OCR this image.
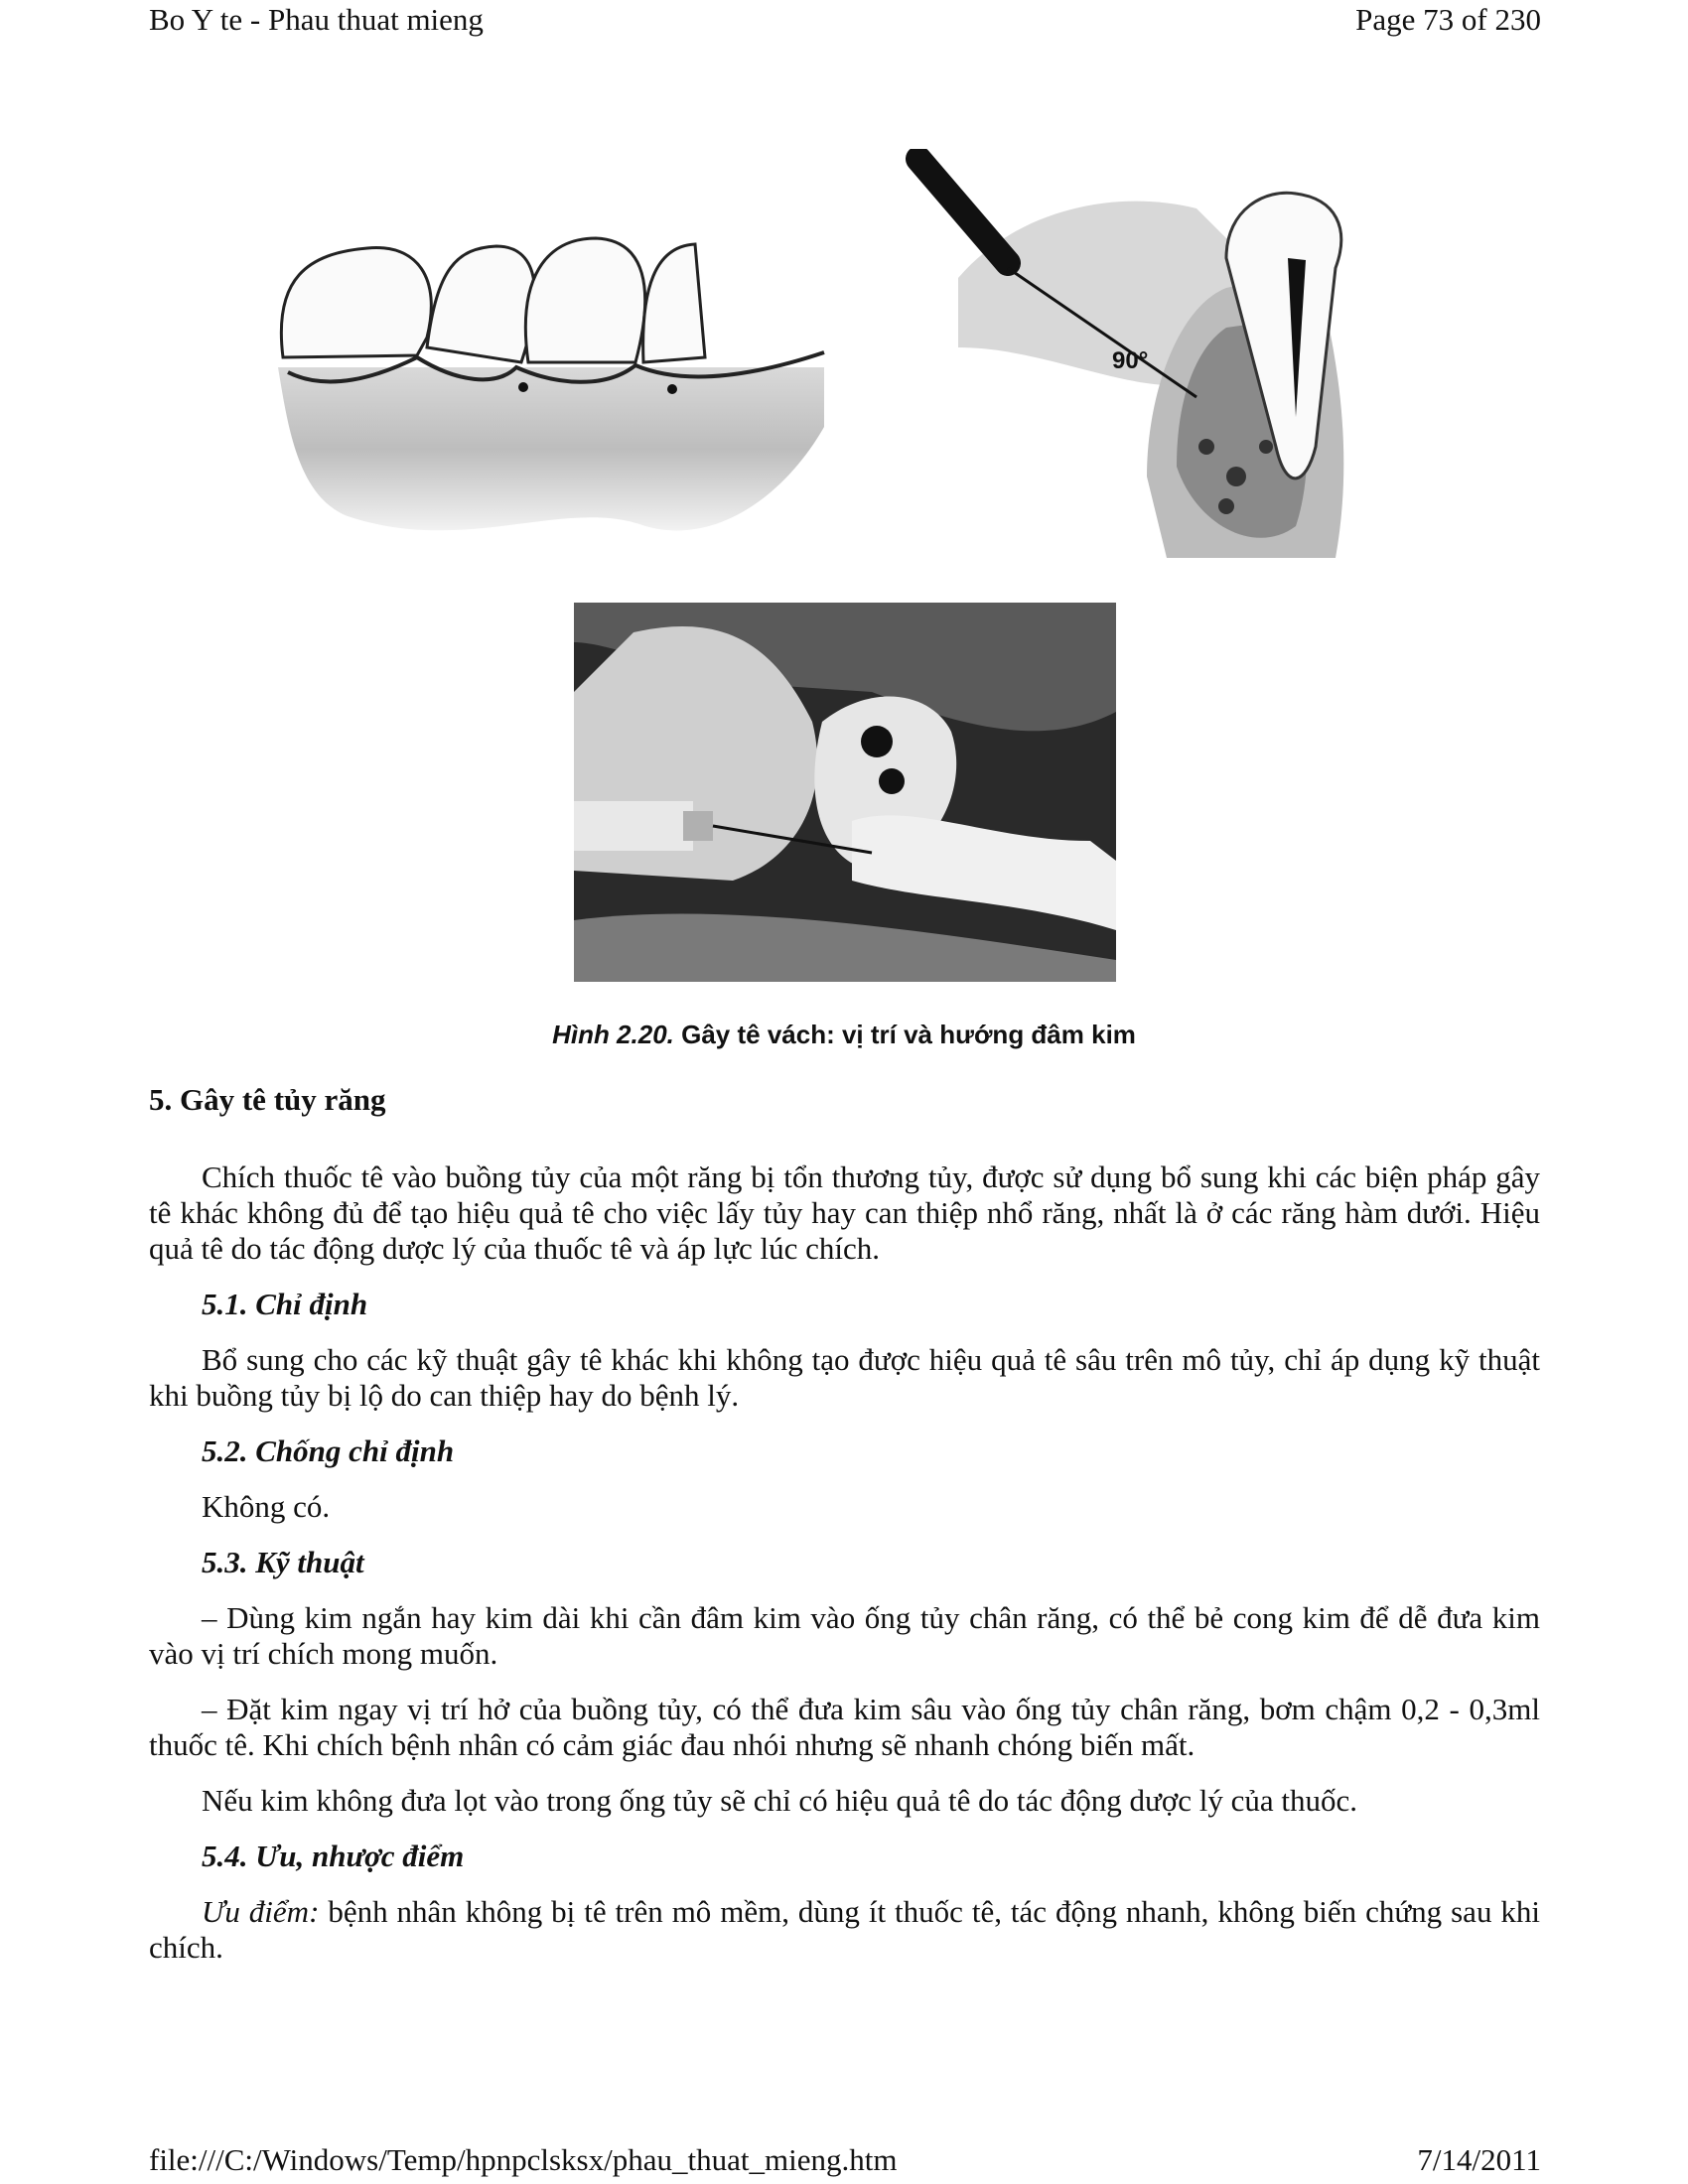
Bo Y te - Phau thuat mieng	Page 73 of 230
90°
Hình 2.20. Gây tê vách: vị trí và hướng đâm kim
5. Gây tê tủy răng

Chích thuốc tê vào buồng tủy của một răng bị tổn thương tủy, được sử dụng bổ sung khi các biện pháp gây tê khác không đủ để tạo hiệu quả tê cho việc lấy tủy hay can thiệp nhổ răng, nhất là ở các răng hàm dưới. Hiệu quả tê do tác động dược lý của thuốc tê và áp lực lúc chích.

5.1. Chỉ định

Bổ sung cho các kỹ thuật gây tê khác khi không tạo được hiệu quả tê sâu trên mô tủy, chỉ áp dụng kỹ thuật khi buồng tủy bị lộ do can thiệp hay do bệnh lý.

5.2. Chống chỉ định

Không có.

5.3. Kỹ thuật

– Dùng kim ngắn hay kim dài khi cần đâm kim vào ống tủy chân răng, có thể bẻ cong kim để dễ đưa kim vào vị trí chích mong muốn.

– Đặt kim ngay vị trí hở của buồng tủy, có thể đưa kim sâu vào ống tủy chân răng, bơm chậm 0,2 - 0,3ml thuốc tê. Khi chích bệnh nhân có cảm giác đau nhói nhưng sẽ nhanh chóng biến mất.

Nếu kim không đưa lọt vào trong ống tủy sẽ chỉ có hiệu quả tê do tác động dược lý của thuốc.

5.4. Ưu, nhược điểm

Ưu điểm: bệnh nhân không bị tê trên mô mềm, dùng ít thuốc tê, tác động nhanh, không biến chứng sau khi chích.

file:///C:/Windows/Temp/hpnpclsksx/phau_thuat_mieng.htm	7/14/2011
